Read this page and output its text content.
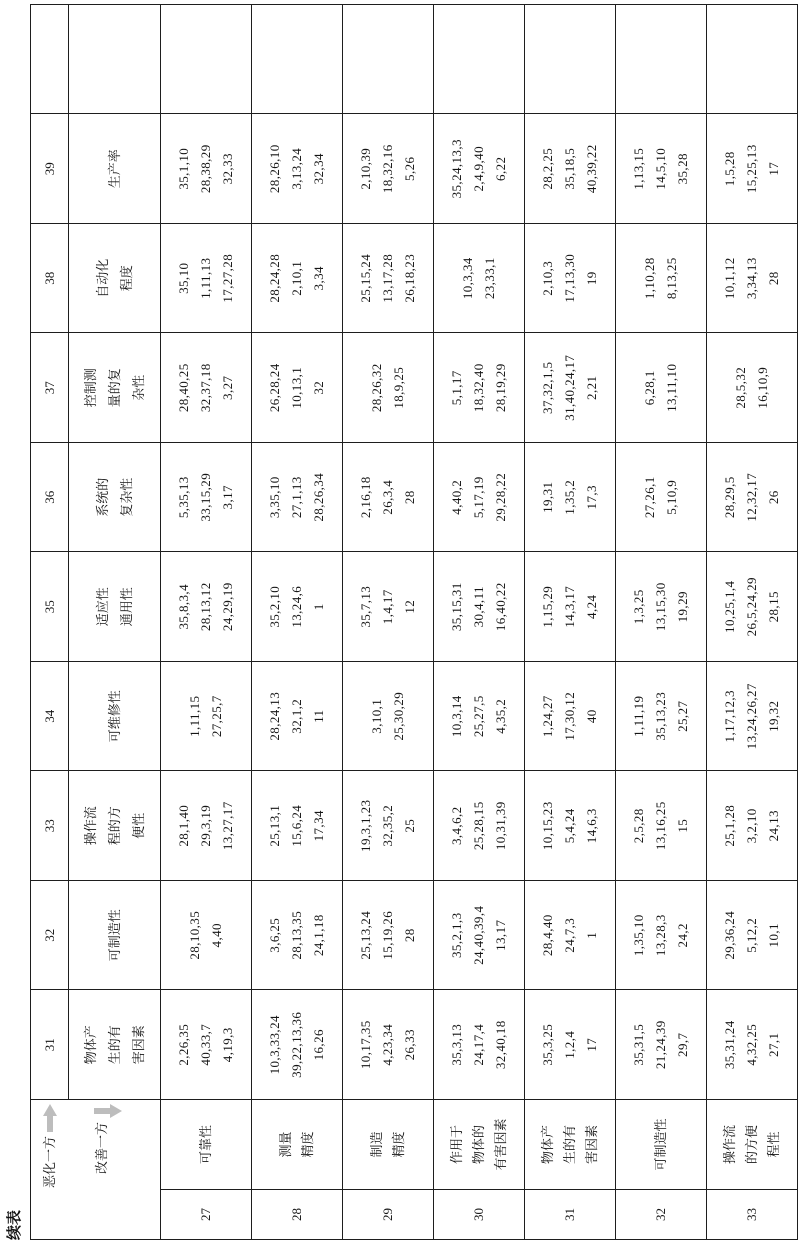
续表
恶化一方 改善一方		31	32	33	34	35	36	37	38	39	

		物体产 生的有 害因素	可制造性	操作流 程的方 便性	可维修性	适应性 通用性	系统的 复杂性	控制测 量的复 杂性	自动化 程度	生产率	

27	可靠性	2,26,35 40,33,7 4,19,3	28,10,35 4,40	28,1,40 29,3,19 13,27,17	1,11,15 27,25,7	35,8,3,4 28,13,12 24,29,19	5,35,13 33,15,29 3,17	28,40,25 32,37,18 3,27	35,10 1,11,13 17,27,28	35,1,10 28,38,29 32,33	

28	测量 精度	10,3,33,24 39,22,13,36 16,26	3,6,25 28,13,35 24,1,18	25,13,1 15,6,24 17,34	28,24,13 32,1,2 11	35,2,10 13,24,6 1	3,35,10 27,1,13 28,26,34	26,28,24 10,13,1 32	28,24,28 2,10,1 3,34	28,26,10 3,13,24 32,34	

29	制造 精度	10,17,35 4,23,34 26,33	25,13,24 15,19,26 28	19,3,1,23 32,35,2 25	3,10,1 25,30,29	35,7,13 1,4,17 12	2,16,18 26,3,4 28	28,26,32 18,9,25	25,15,24 13,17,28 26,18,23	2,10,39 18,32,16 5,26	

30	作用于 物体的 有害因素	35,3,13 24,17,4 32,40,18	35,2,1,3 24,40,39,4 13,17	3,4,6,2 25,28,15 10,31,39	10,3,14 25,27,5 4,35,2	35,15,31 30,4,11 16,40,22	4,40,2 5,17,19 29,28,22	5,1,17 18,32,40 28,19,29	10,3,34 23,33,1	35,24,13,3 2,4,9,40 6,22	

31	物体产 生的有 害因素	35,3,25 1,2,4 17	28,4,40 24,7,3 1	10,15,23 5,4,24 14,6,3	1,24,27 17,30,12 40	1,15,29 14,3,17 4,24	19,31 1,35,2 17,3	37,32,1,5 31,40,24,17 2,21	2,10,3 17,13,30 19	28,2,25 35,18,5 40,39,22	

32	可制造性	35,31,5 21,24,39 29,7	1,35,10 13,28,3 24,2	2,5,28 13,16,25 15	1,11,19 35,13,23 25,27	1,3,25 13,15,30 19,29	27,26,1 5,10,9	6,28,1 13,11,10	1,10,28 8,13,25	1,13,15 14,5,10 35,28	

33	操作流 的方便 程性	35,31,24 4,32,25 27,1	29,36,24 5,12,2 10,1	25,1,28 3,2,10 24,13	1,17,12,3 13,24,26,27 19,32	10,25,1,4 26,5,24,29 28,15	28,29,5 12,32,17 26	28,5,32 16,10,9	10,1,12 3,34,13 28	1,5,28 15,25,13 17	
